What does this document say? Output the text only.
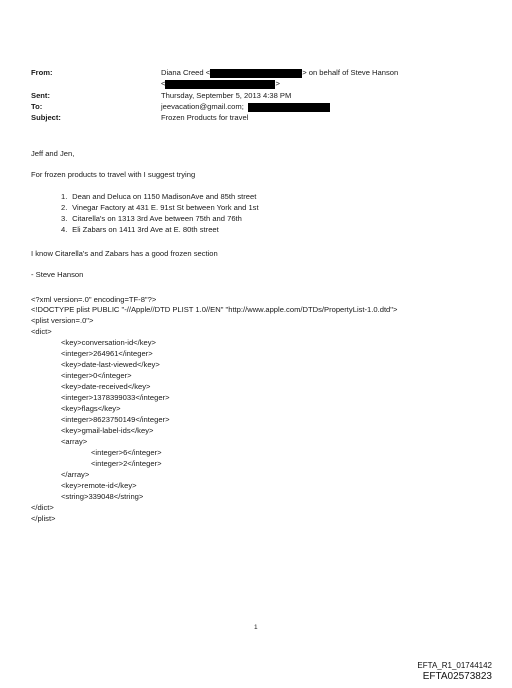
From:	Diana Creed <	> on behalf of Steve Hanson
<	>
Sent:	Thursday, September 5, 2013 4:38 PM
To:	jeevacation@gmail.com;
Subject:	Frozen Products for travel
Jeff and Jen,
For frozen products to travel with I suggest trying
1. Dean and Deluca on 1150 MadisonAve and 85th street
2. Vinegar Factory at 431 E. 91st St between York and 1st
3. Citarella's on 1313 3rd Ave between 75th and 76th
4. Eli Zabars on 1411 3rd Ave at E. 80th street
I know Citarella's and Zabars has a good frozen section
- Steve Hanson
<?xml version=.0" encoding=TF-8"?>
<!DOCTYPE plist PUBLIC "-//Apple//DTD PLIST 1.0//EN" "http://www.apple.com/DTDs/PropertyList-1.0.dtd">
<plist version=.0">
<dict>
<key>conversation-id</key>
<integer>264961</integer>
<key>date-last-viewed</key>
<integer>0</integer>
<key>date-received</key>
<integer>1378399033</integer>
<key>flags</key>
<integer>8623750149</integer>
<key>gmail-label-ids</key>
<array>
<integer>6</integer>
<integer>2</integer>
</array>
<key>remote-id</key>
<string>339048</string>
</dict>
</plist>
1
EFTA_R1_01744142
EFTA02573823
